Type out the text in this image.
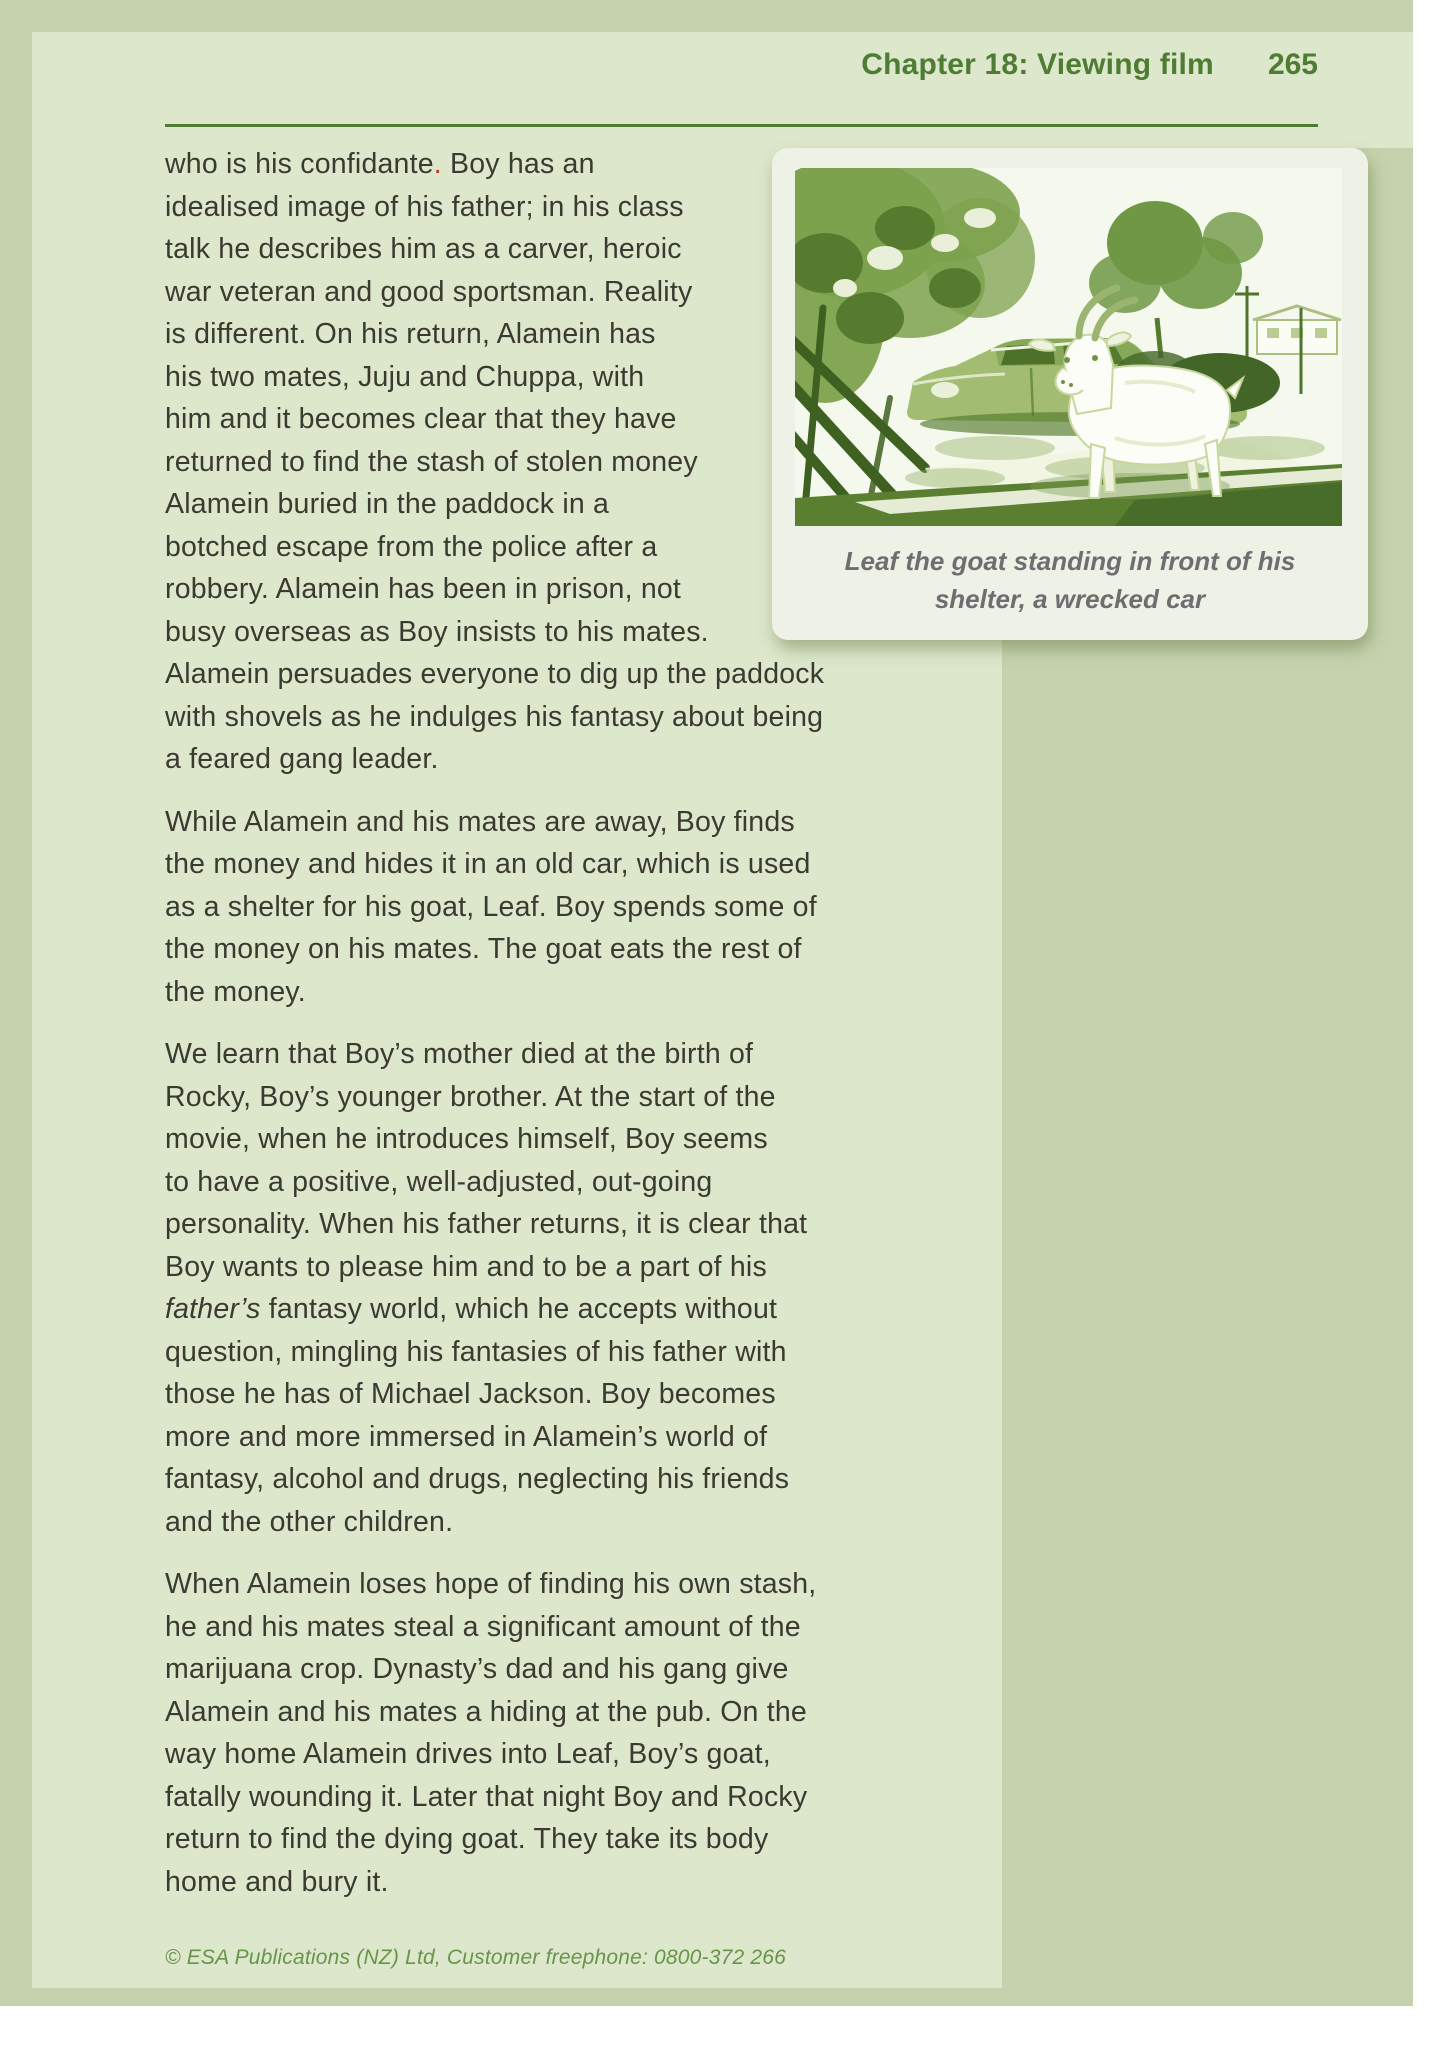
Chapter 18: Viewing film 265
who is his confidante. Boy has an
idealised image of his father; in his class
talk he describes him as a carver, heroic
war veteran and good sportsman. Reality
is different. On his return, Alamein has
his two mates, Juju and Chuppa, with
him and it becomes clear that they have
returned to find the stash of stolen money
Alamein buried in the paddock in a
botched escape from the police after a
robbery. Alamein has been in prison, not
busy overseas as Boy insists to his mates.
Alamein persuades everyone to dig up the paddock
with shovels as he indulges his fantasy about being
a feared gang leader.
While Alamein and his mates are away, Boy finds
the money and hides it in an old car, which is used
as a shelter for his goat, Leaf. Boy spends some of
the money on his mates. The goat eats the rest of
the money.
We learn that Boy’s mother died at the birth of
Rocky, Boy’s younger brother. At the start of the
movie, when he introduces himself, Boy seems
to have a positive, well-adjusted, out-going
personality. When his father returns, it is clear that
Boy wants to please him and to be a part of his
father’s fantasy world, which he accepts without
question, mingling his fantasies of his father with
those he has of Michael Jackson. Boy becomes
more and more immersed in Alamein’s world of
fantasy, alcohol and drugs, neglecting his friends
and the other children.
When Alamein loses hope of finding his own stash,
he and his mates steal a significant amount of the
marijuana crop. Dynasty’s dad and his gang give
Alamein and his mates a hiding at the pub. On the
way home Alamein drives into Leaf, Boy’s goat,
fatally wounding it. Later that night Boy and Rocky
return to find the dying goat. They take its body
home and bury it.
Leaf the goat standing in front of his
shelter, a wrecked car
© ESA Publications (NZ) Ltd, Customer freephone: 0800-372 266
